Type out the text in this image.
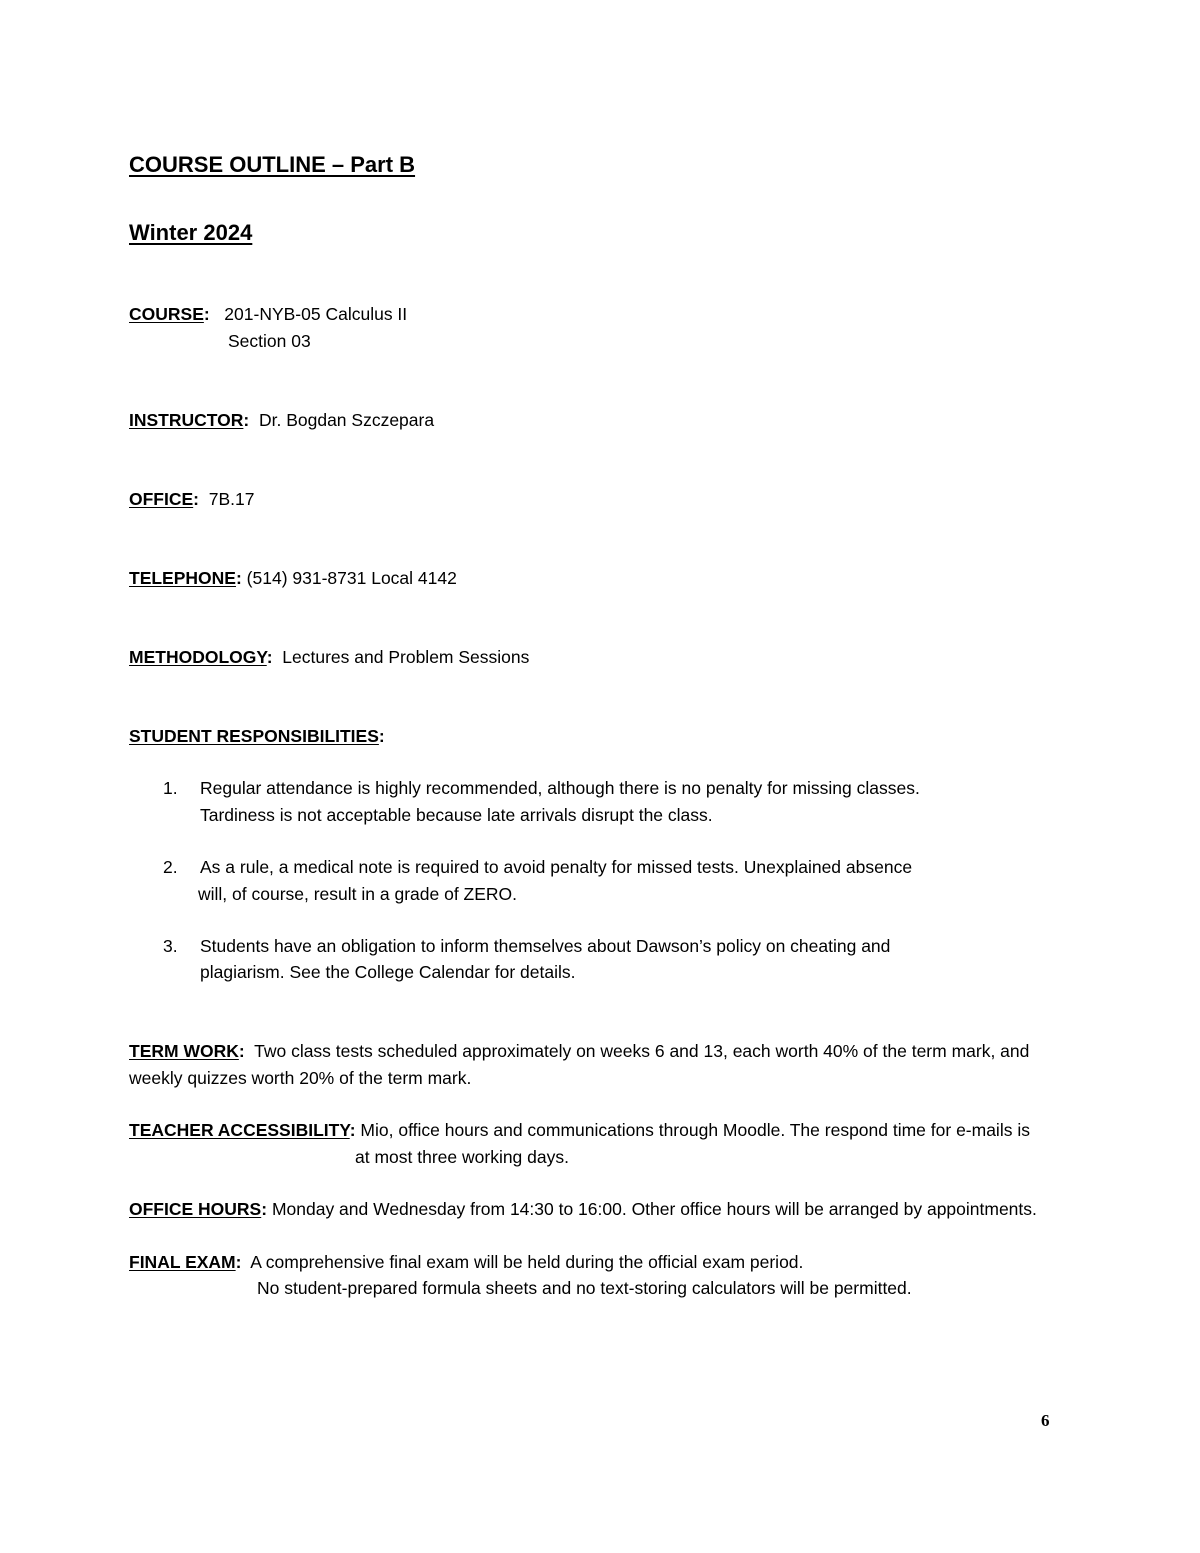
COURSE OUTLINE – Part B
Winter 2024
COURSE: 201-NYB-05 Calculus II
Section 03
INSTRUCTOR: Dr. Bogdan Szczepara
OFFICE: 7B.17
TELEPHONE: (514) 931-8731 Local 4142
METHODOLOGY: Lectures and Problem Sessions
STUDENT RESPONSIBILITIES:
1. Regular attendance is highly recommended, although there is no penalty for missing classes.
Tardiness is not acceptable because late arrivals disrupt the class.
2. As a rule, a medical note is required to avoid penalty for missed tests. Unexplained absence
will, of course, result in a grade of ZERO.
3. Students have an obligation to inform themselves about Dawson’s policy on cheating and
plagiarism. See the College Calendar for details.
TERM WORK: Two class tests scheduled approximately on weeks 6 and 13, each worth 40% of the term mark, and
weekly quizzes worth 20% of the term mark.
TEACHER ACCESSIBILITY: Mio, office hours and communications through Moodle. The respond time for e-mails is
at most three working days.
OFFICE HOURS: Monday and Wednesday from 14:30 to 16:00. Other office hours will be arranged by appointments.
FINAL EXAM: A comprehensive final exam will be held during the official exam period.
No student-prepared formula sheets and no text-storing calculators will be permitted.
6
